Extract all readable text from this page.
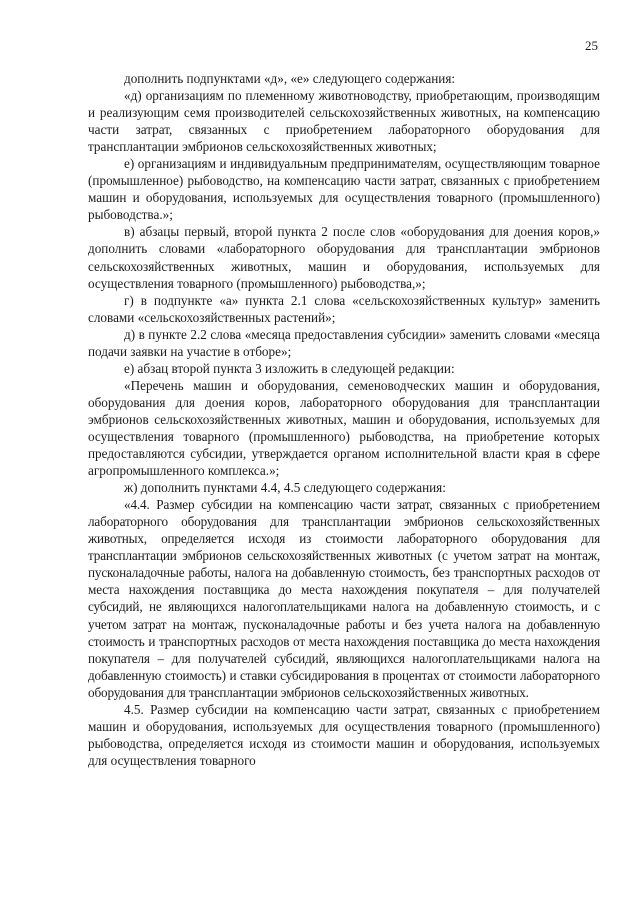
25

дополнить подпунктами «д», «е» следующего содержания:

«д) организациям по племенному животноводству, приобретающим, производящим и реализующим семя производителей сельскохозяйственных животных, на компенсацию части затрат, связанных с приобретением лабораторного оборудования для трансплантации эмбрионов сельскохозяйственных животных;

е) организациям и индивидуальным предпринимателям, осуществляющим товарное (промышленное) рыбоводство, на компенсацию части затрат, связанных с приобретением машин и оборудования, используемых для осуществления товарного (промышленного) рыбоводства.»;

в) абзацы первый, второй пункта 2 после слов «оборудования для доения коров,» дополнить словами «лабораторного оборудования для трансплантации эмбрионов сельскохозяйственных животных, машин и оборудования, используемых для осуществления товарного (промышленного) рыбоводства,»;

г) в подпункте «а» пункта 2.1 слова «сельскохозяйственных культур» заменить словами «сельскохозяйственных растений»;

д) в пункте 2.2 слова «месяца предоставления субсидии» заменить словами «месяца подачи заявки на участие в отборе»;

е) абзац второй пункта 3 изложить в следующей редакции:

«Перечень машин и оборудования, семеноводческих машин и оборудования, оборудования для доения коров, лабораторного оборудования для трансплантации эмбрионов сельскохозяйственных животных, машин и оборудования, используемых для осуществления товарного (промышленного) рыбоводства, на приобретение которых предоставляются субсидии, утверждается органом исполнительной власти края в сфере агропромышленного комплекса.»;

ж) дополнить пунктами 4.4, 4.5 следующего содержания:

«4.4. Размер субсидии на компенсацию части затрат, связанных с приобретением лабораторного оборудования для трансплантации эмбрионов сельскохозяйственных животных, определяется исходя из стоимости лабораторного оборудования для трансплантации эмбрионов сельскохозяйственных животных (с учетом затрат на монтаж, пусконаладочные работы, налога на добавленную стоимость, без транспортных расходов от места нахождения поставщика до места нахождения покупателя – для получателей субсидий, не являющихся налогоплательщиками налога на добавленную стоимость, и с учетом затрат на монтаж, пусконаладочные работы и без учета налога на добавленную стоимость и транспортных расходов от места нахождения поставщика до места нахождения покупателя – для получателей субсидий, являющихся налогоплательщиками налога на добавленную стоимость) и ставки субсидирования в процентах от стоимости лабораторного оборудования для трансплантации эмбрионов сельскохозяйственных животных.

4.5. Размер субсидии на компенсацию части затрат, связанных с приобретением машин и оборудования, используемых для осуществления товарного (промышленного) рыбоводства, определяется исходя из стоимости машин и оборудования, используемых для осуществления товарного
